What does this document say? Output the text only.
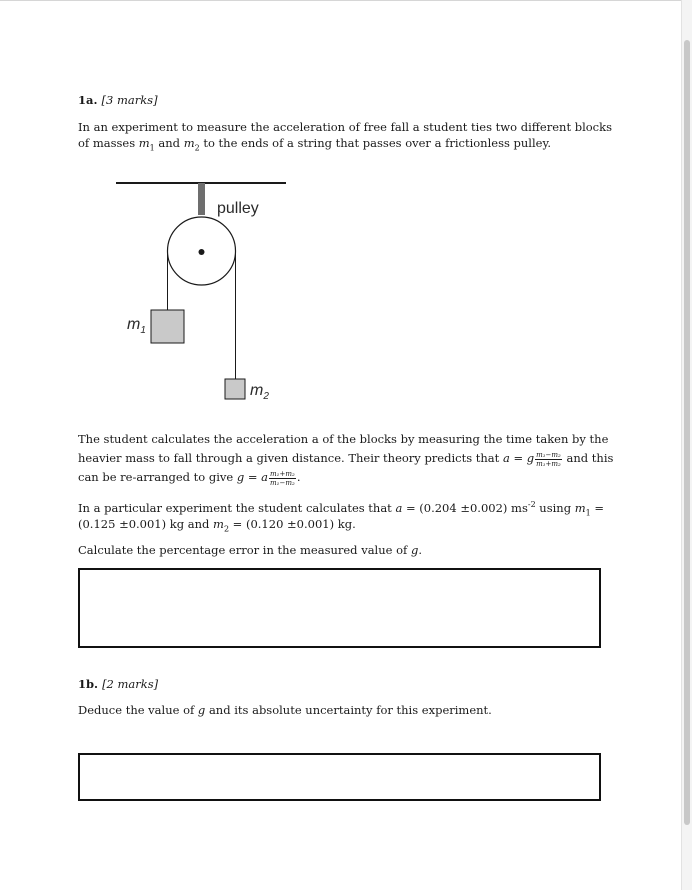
1a. [3 marks]
In an experiment to measure the acceleration of free fall a student ties two different blocks
of masses $m_1$ and $m_2$ to the ends of a string that passes over a frictionless pulley.
pulley
$m_1$
$m_2$
The student calculates the acceleration a of the blocks by measuring the time taken by the
heavier mass to fall through a given distance. Their theory predicts that a = g $\frac{\text{m₁−m₂}}{\text{m₁+m₂}}$ and this
can be re-arranged to give g = a $\frac{\text{m₁+m₂}}{\text{m₁−m₂}}$ .
In a particular experiment the student calculates that a = (0.204 ±0.002) $ms^{-2}$ using $m_1$ =
(0.125 ±0.001) kg and $m_2 = (0.120 \pm 0.001)$ kg.
Calculate the percentage error in the measured value of g.
1b. [2 marks]
Deduce the value of g and its absolute uncertainty for this experiment.
